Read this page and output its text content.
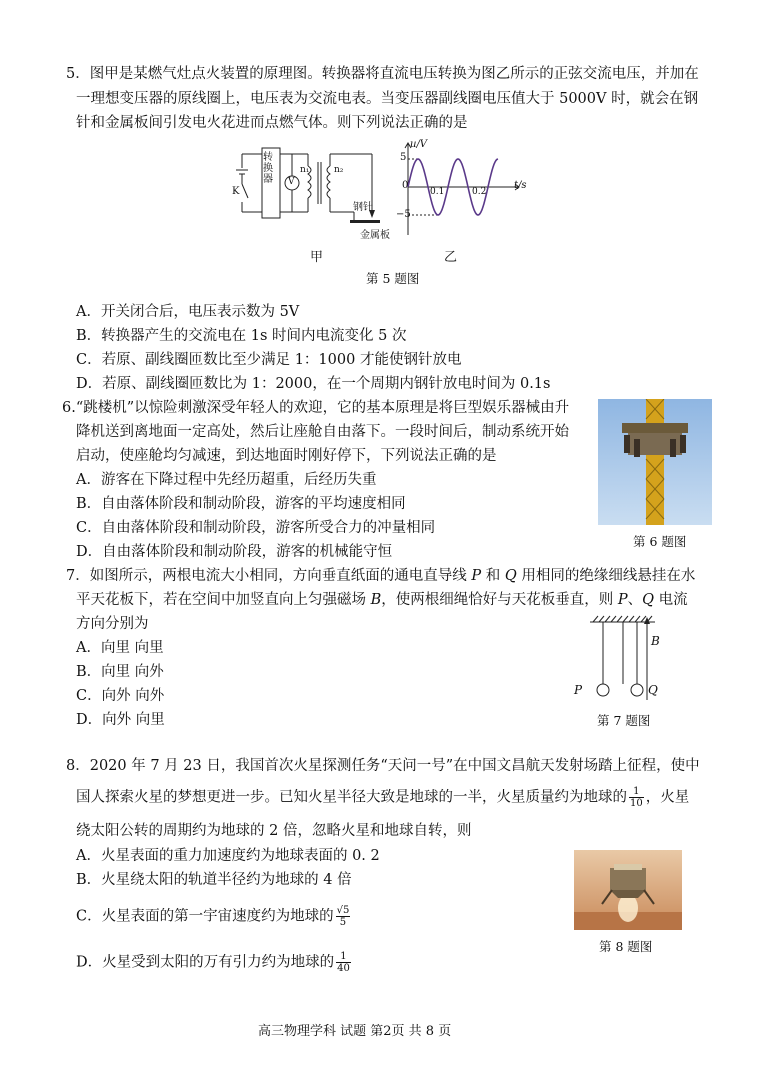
5．图甲是某燃气灶点火装置的原理图。转换器将直流电压转换为图乙所示的正弦交流电压，并加在
一理想变压器的原线圈上，电压表为交流电表。当变压器副线圈电压值大于 5000V 时，就会在钢
针和金属板间引发电火花进而点燃气体。则下列说法正确的是
转换器
K
V
n₁	n₂
钢针
金属板
甲
u/V
5
0
−5
0.1	0.2
t/s
乙
第 5 题图
A．开关闭合后，电压表示数为 5V
B．转换器产生的交流电在 1s 时间内电流变化 5 次
C．若原、副线圈匝数比至少满足 1：1000 才能使钢针放电
D．若原、副线圈匝数比为 1：2000，在一个周期内钢针放电时间为 0.1s
6.“跳楼机”以惊险刺激深受年轻人的欢迎，它的基本原理是将巨型娱乐器械由升
降机送到离地面一定高处，然后让座舱自由落下。一段时间后，制动系统开始
启动，使座舱均匀减速，到达地面时刚好停下，下列说法正确的是
A．游客在下降过程中先经历超重，后经历失重
B．自由落体阶段和制动阶段，游客的平均速度相同
C．自由落体阶段和制动阶段，游客所受合力的冲量相同
D．自由落体阶段和制动阶段，游客的机械能守恒
第 6 题图
7．如图所示，两根电流大小相同，方向垂直纸面的通电直导线 P 和 Q 用相同的绝缘细线悬挂在水
平天花板下，若在空间中加竖直向上匀强磁场 B，使两根细绳恰好与天花板垂直，则 P、Q 电流
方向分别为
A．向里 向里
B．向里 向外
C．向外 向外
D．向外 向里
B
P	Q
第 7 题图
8．2020 年 7 月 23 日，我国首次火星探测任务“天问一号”在中国文昌航天发射场踏上征程，使中
国人探索火星的梦想更进一步。已知火星半径大致是地球的一半，火星质量约为地球的 $\frac{1}{10}$ ，火星
绕太阳公转的周期约为地球的 2 倍，忽略火星和地球自转，则
A．火星表面的重力加速度约为地球表面的 0. 2
B．火星绕太阳的轨道半径约为地球的 4 倍
C．火星表面的第一宇宙速度约为地球的 $\frac{√5}{5}$
D．火星受到太阳的万有引力约为地球的 $\frac{1}{40}$
第 8 题图
高三物理学科 试题 第2页 共 8 页
